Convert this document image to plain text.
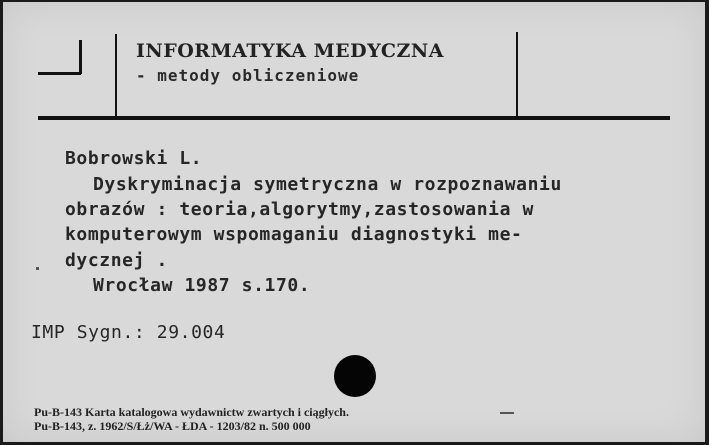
INFORMATYKA MEDYCZNA
- metody obliczeniowe
Bobrowski L.
Dyskryminacja symetryczna w rozpoznawaniu
obrazów : teoria,algorytmy,zastosowania w
komputerowym wspomaganiu diagnostyki me-
dycznej .
Wrocław 1987 s.170.
IMP Sygn.: 29.004
Pu-B-143 Karta katalogowa wydawnictw zwartych i ciągłych.
Pu-B-143, z. 1962/S/Łż/WA - ŁDA - 1203/82 n. 500 000
